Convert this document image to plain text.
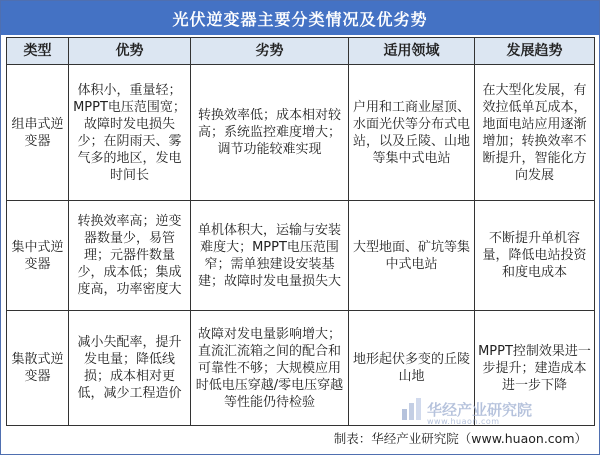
光伏逆变器主要分类情况及优劣势
类型	优势	劣势	适用领域	发展趋势
组串式逆变器	体积小，重量轻；MPPT电压范围宽；故障时发电损失少；在阴雨天、雾气多的地区，发电时间长	转换效率低；成本相对较高；系统监控难度增大；调节功能较难实现	户用和工商业屋顶、水面光伏等分布式电站，以及丘陵、山地等集中式电站	在大型化发展，有效拉低单瓦成本，地面电站应用逐渐增加；转换效率不断提升，智能化方向发展
集中式逆变器	转换效率高；逆变器数量少，易管理；元器件数量少，成本低；集成度高，功率密度大	单机体积大，运输与安装难度大；MPPT电压范围窄；需单独建设安装基建；故障时发电量损失大	大型地面、矿坑等集中式电站	不断提升单机容量，降低电站投资和度电成本
集散式逆变器	减小失配率，提升发电量；降低线损；成本相对更低，减少工程造价	故障对发电量影响增大；直流汇流箱之间的配合和可靠性不够；大规模应用时低电压穿越/零电压穿越等性能仍待检验	地形起伏多变的丘陵山地	MPPT控制效果进一步提升；建造成本进一步下降
华经产业研究院
www.huaon.com
制表：华经产业研究院（www.huaon.com）
